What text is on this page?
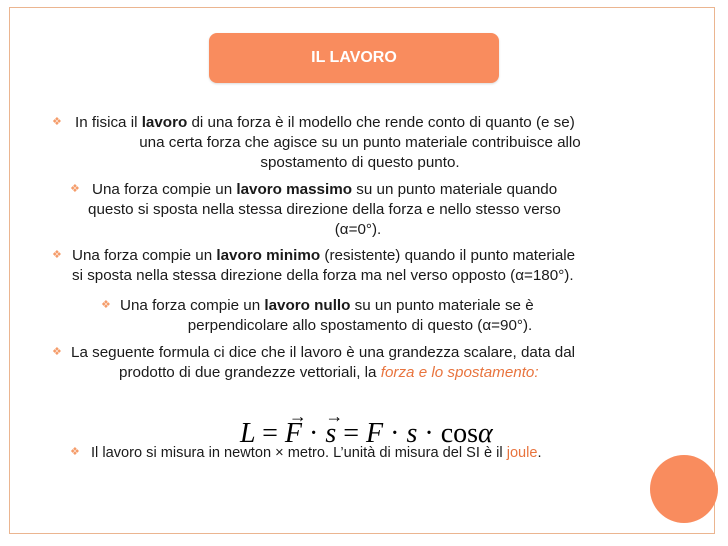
IL LAVORO
❖ In fisica il lavoro di una forza è il modello che rende conto di quanto (e se)
una certa forza che agisce su un punto materiale contribuisce allo
spostamento di questo punto.
❖ Una forza compie un lavoro massimo su un punto materiale quando
questo si sposta nella stessa direzione della forza e nello stesso verso
(α=0°).
❖ Una forza compie un lavoro minimo (resistente) quando il punto materiale
si sposta nella stessa direzione della forza ma nel verso opposto (α=180°).
❖ Una forza compie un lavoro nullo su un punto materiale se è
perpendicolare allo spostamento di questo (α=90°).
❖ La seguente formula ci dice che il lavoro è una grandezza scalare, data dal
prodotto di due grandezze vettoriali, la forza e lo spostamento:
L =
→
F ·
→
s = F · s · cosα
❖ Il lavoro si misura in newton × metro. L’unità di misura del SI è il joule.
